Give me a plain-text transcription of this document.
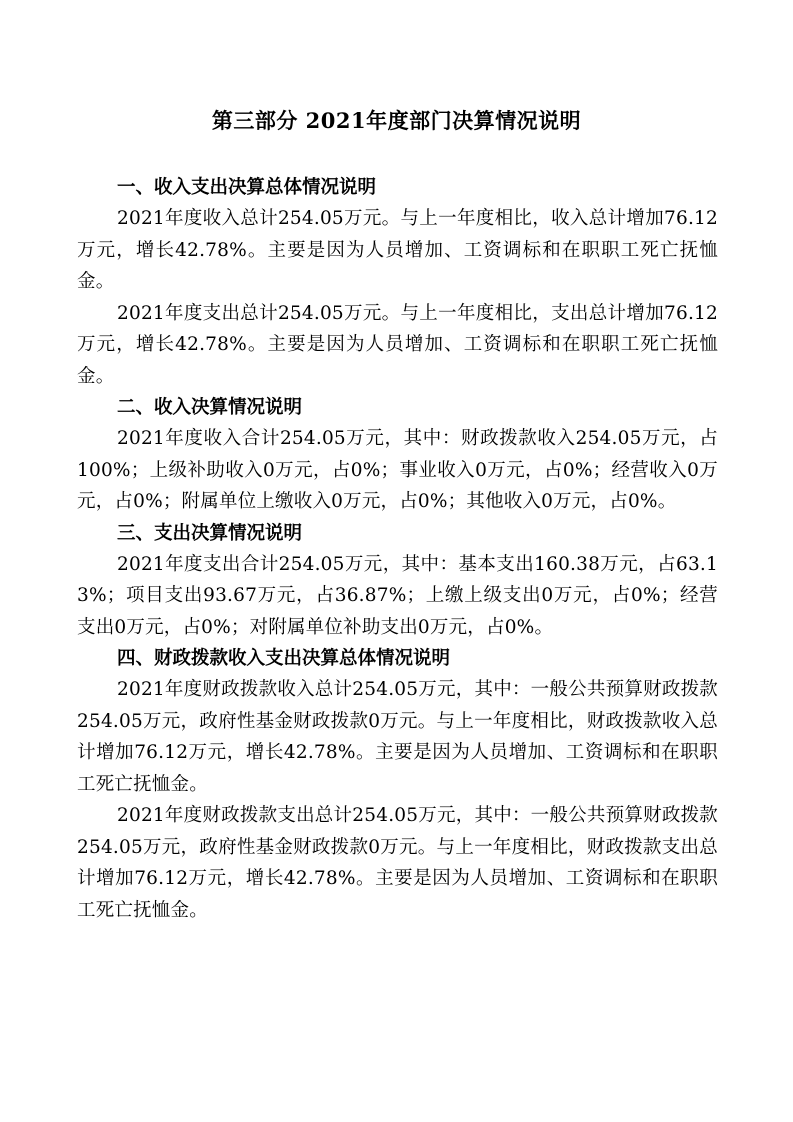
第三部分 2021年度部门决算情况说明

一、收入支出决算总体情况说明

2021年度收入总计254.05万元。与上一年度相比，收入总计增加76.12万元，增长42.78%。主要是因为人员增加、工资调标和在职职工死亡抚恤金。

2021年度支出总计254.05万元。与上一年度相比，支出总计增加76.12万元，增长42.78%。主要是因为人员增加、工资调标和在职职工死亡抚恤金。

二、收入决算情况说明

2021年度收入合计254.05万元，其中：财政拨款收入254.05万元，占100%；上级补助收入0万元，占0%；事业收入0万元，占0%；经营收入0万元，占0%；附属单位上缴收入0万元，占0%；其他收入0万元，占0%。

三、支出决算情况说明

2021年度支出合计254.05万元，其中：基本支出160.38万元，占63.13%；项目支出93.67万元，占36.87%；上缴上级支出0万元，占0%；经营支出0万元，占0%；对附属单位补助支出0万元，占0%。

四、财政拨款收入支出决算总体情况说明

2021年度财政拨款收入总计254.05万元，其中：一般公共预算财政拨款254.05万元，政府性基金财政拨款0万元。与上一年度相比，财政拨款收入总计增加76.12万元，增长42.78%。主要是因为人员增加、工资调标和在职职工死亡抚恤金。

2021年度财政拨款支出总计254.05万元，其中：一般公共预算财政拨款254.05万元，政府性基金财政拨款0万元。与上一年度相比，财政拨款支出总计增加76.12万元，增长42.78%。主要是因为人员增加、工资调标和在职职工死亡抚恤金。
